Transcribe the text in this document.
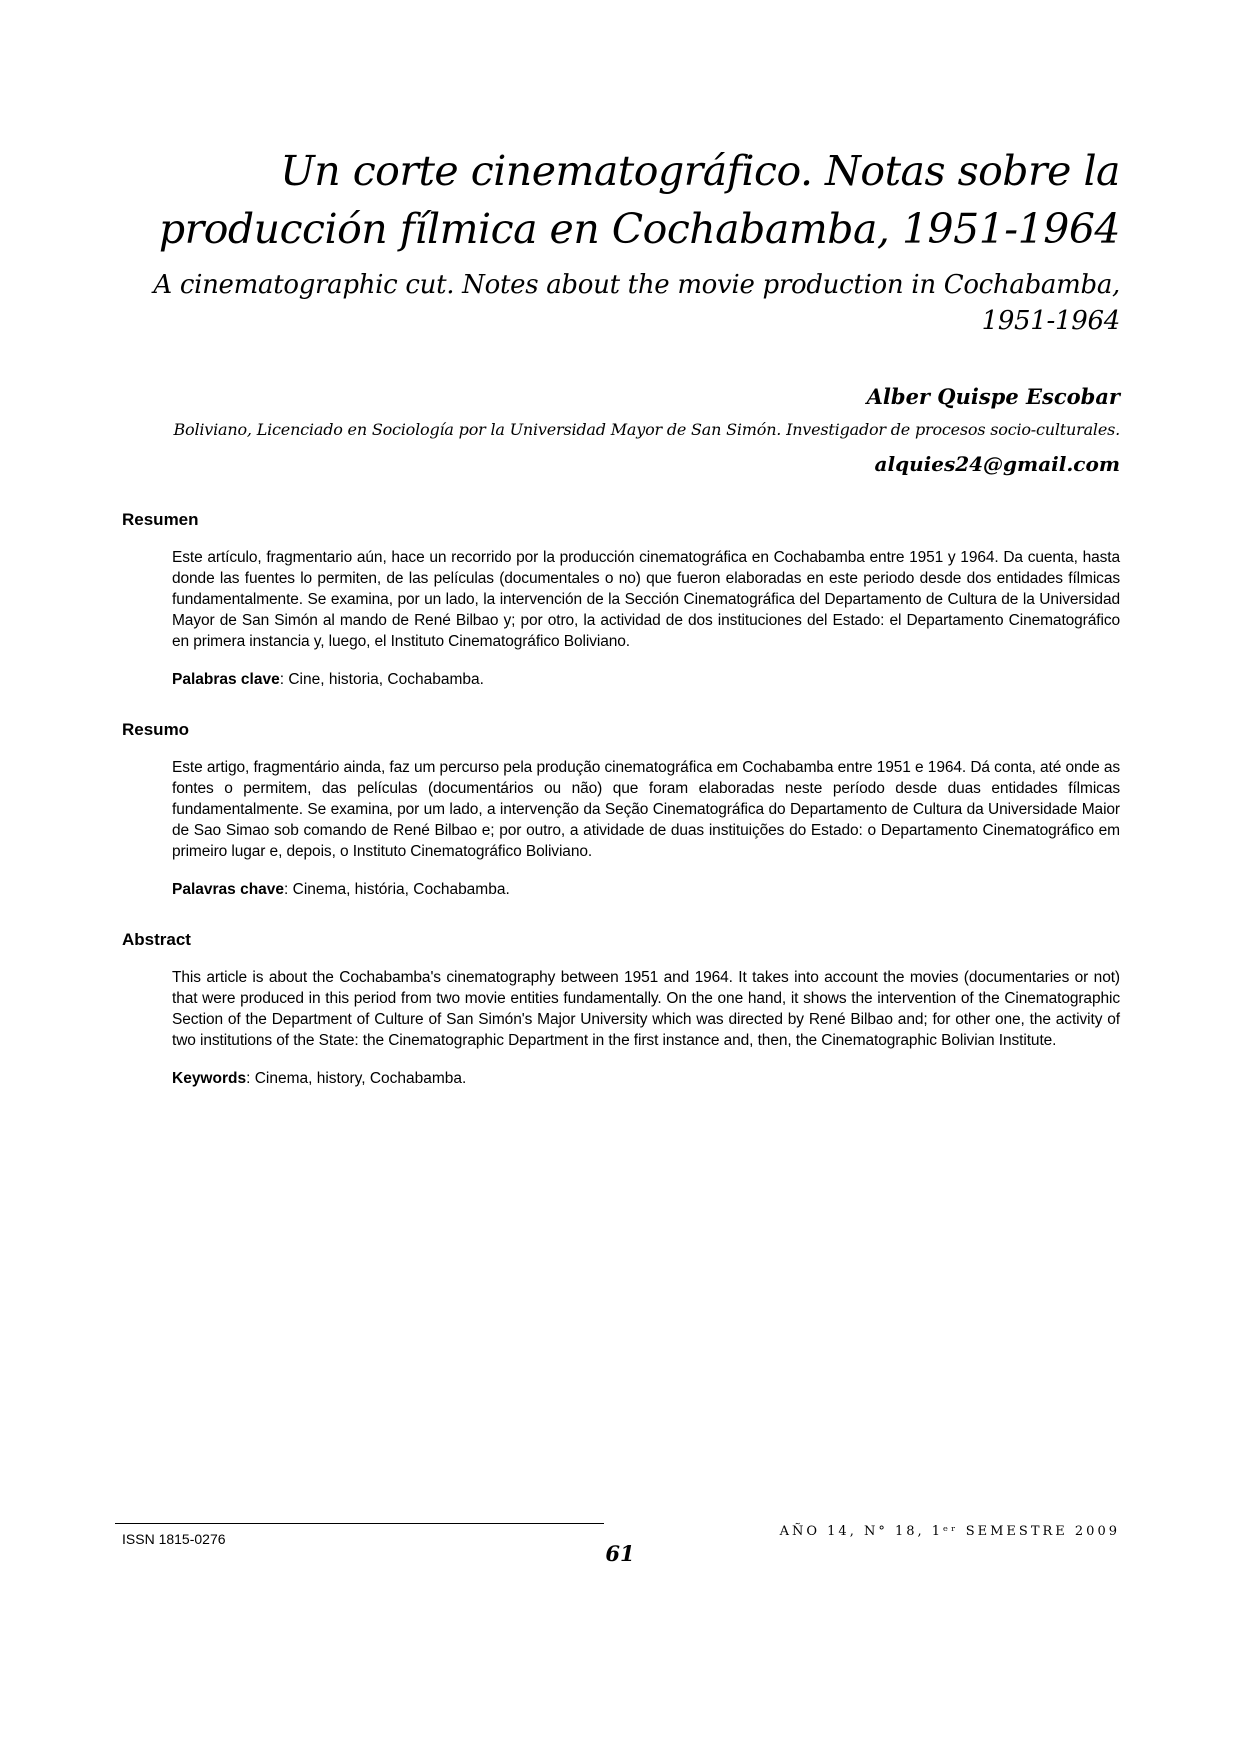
Un corte cinematográfico. Notas sobre la producción fílmica en Cochabamba, 1951-1964
A cinematographic cut. Notes about the movie production in Cochabamba, 1951-1964
Alber Quispe Escobar
Boliviano, Licenciado en Sociología por la Universidad Mayor de San Simón. Investigador de procesos socio-culturales.
alquies24@gmail.com
Resumen

Este artículo, fragmentario aún, hace un recorrido por la producción cinematográfica en Cochabamba entre 1951 y 1964. Da cuenta, hasta donde las fuentes lo permiten, de las películas (documentales o no) que fueron elaboradas en este periodo desde dos entidades fílmicas fundamentalmente. Se examina, por un lado, la intervención de la Sección Cinematográfica del Departamento de Cultura de la Universidad Mayor de San Simón al mando de René Bilbao y; por otro, la actividad de dos instituciones del Estado: el Departamento Cinematográfico en primera instancia y, luego, el Instituto Cinematográfico Boliviano.

Palabras clave: Cine, historia, Cochabamba.

Resumo

Este artigo, fragmentário ainda, faz um percurso pela produção cinematográfica em Cochabamba entre 1951 e 1964. Dá conta, até onde as fontes o permitem, das películas (documentários ou não) que foram elaboradas neste período desde duas entidades fílmicas fundamentalmente. Se examina, por um lado, a intervenção da Seção Cinematográfica do Departamento de Cultura da Universidade Maior de Sao Simao sob comando de René Bilbao e; por outro, a atividade de duas instituições do Estado: o Departamento Cinematográfico em primeiro lugar e, depois, o Instituto Cinematográfico Boliviano.

Palavras chave: Cinema, história, Cochabamba.

Abstract

This article is about the Cochabamba's cinematography between 1951 and 1964. It takes into account the movies (documentaries or not) that were produced in this period from two movie entities fundamentally. On the one hand, it shows the intervention of the Cinematographic Section of the Department of Culture of San Simón's Major University which was directed by René Bilbao and; for other one, the activity of two institutions of the State: the Cinematographic Department in the first instance and, then, the Cinematographic Bolivian Institute.

Keywords: Cinema, history, Cochabamba.

ISSN 1815-0276
61
AÑO 14, N° 18, 1ᵉʳ SEMESTRE 2009
